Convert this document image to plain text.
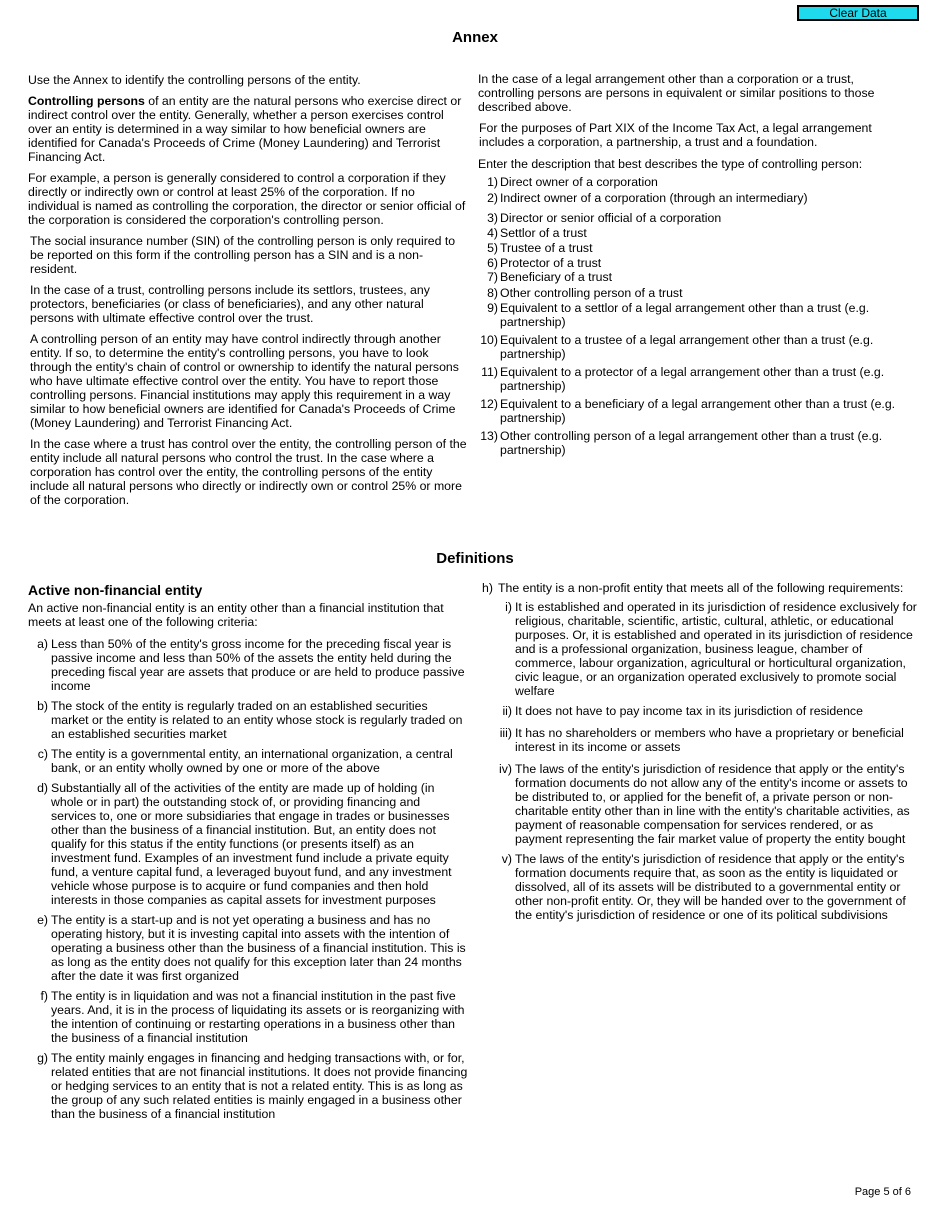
Clear Data
Annex

Use the Annex to identify the controlling persons of the entity.

Controlling persons of an entity are the natural persons who exercise direct or indirect control over the entity. Generally, whether a person exercises control over an entity is determined in a way similar to how beneficial owners are identified for Canada's Proceeds of Crime (Money Laundering) and Terrorist Financing Act.

For example, a person is generally considered to control a corporation if they directly or indirectly own or control at least 25% of the corporation. If no individual is named as controlling the corporation, the director or senior official of the corporation is considered the corporation's controlling person.

The social insurance number (SIN) of the controlling person is only required to be reported on this form if the controlling person has a SIN and is a non-resident.

In the case of a trust, controlling persons include its settlors, trustees, any protectors, beneficiaries (or class of beneficiaries), and any other natural persons with ultimate effective control over the trust.

A controlling person of an entity may have control indirectly through another entity. If so, to determine the entity's controlling persons, you have to look through the entity's chain of control or ownership to identify the natural persons who have ultimate effective control over the entity. You have to report those controlling persons. Financial institutions may apply this requirement in a way similar to how beneficial owners are identified for Canada's Proceeds of Crime (Money Laundering) and Terrorist Financing Act.

In the case where a trust has control over the entity, the controlling person of the entity include all natural persons who control the trust. In the case where a corporation has control over the entity, the controlling persons of the entity include all natural persons who directly or indirectly own or control 25% or more of the corporation.

In the case of a legal arrangement other than a corporation or a trust, controlling persons are persons in equivalent or similar positions to those described above.

For the purposes of Part XIX of the Income Tax Act, a legal arrangement includes a corporation, a partnership, a trust and a foundation.

Enter the description that best describes the type of controlling person:

1) Direct owner of a corporation
2) Indirect owner of a corporation (through an intermediary)
3) Director or senior official of a corporation
4) Settlor of a trust
5) Trustee of a trust
6) Protector of a trust
7) Beneficiary of a trust
8) Other controlling person of a trust
9) Equivalent to a settlor of a legal arrangement other than a trust (e.g. partnership)
10) Equivalent to a trustee of a legal arrangement other than a trust (e.g. partnership)
11) Equivalent to a protector of a legal arrangement other than a trust (e.g. partnership)
12) Equivalent to a beneficiary of a legal arrangement other than a trust (e.g. partnership)
13) Other controlling person of a legal arrangement other than a trust (e.g. partnership)
Definitions
Active non-financial entity

An active non-financial entity is an entity other than a financial institution that meets at least one of the following criteria:

a) Less than 50% of the entity's gross income for the preceding fiscal year is passive income and less than 50% of the assets the entity held during the preceding fiscal year are assets that produce or are held to produce passive income
b) The stock of the entity is regularly traded on an established securities market or the entity is related to an entity whose stock is regularly traded on an established securities market
c) The entity is a governmental entity, an international organization, a central bank, or an entity wholly owned by one or more of the above
d) Substantially all of the activities of the entity are made up of holding (in whole or in part) the outstanding stock of, or providing financing and services to, one or more subsidiaries that engage in trades or businesses other than the business of a financial institution. But, an entity does not qualify for this status if the entity functions (or presents itself) as an investment fund. Examples of an investment fund include a private equity fund, a venture capital fund, a leveraged buyout fund, and any investment vehicle whose purpose is to acquire or fund companies and then hold interests in those companies as capital assets for investment purposes
e) The entity is a start-up and is not yet operating a business and has no operating history, but it is investing capital into assets with the intention of operating a business other than the business of a financial institution. This is as long as the entity does not qualify for this exception later than 24 months after the date it was first organized
f) The entity is in liquidation and was not a financial institution in the past five years. And, it is in the process of liquidating its assets or is reorganizing with the intention of continuing or restarting operations in a business other than the business of a financial institution
g) The entity mainly engages in financing and hedging transactions with, or for, related entities that are not financial institutions. It does not provide financing or hedging services to an entity that is not a related entity. This is as long as the group of any such related entities is mainly engaged in a business other than the business of a financial institution
h) The entity is a non-profit entity that meets all of the following requirements:
i) It is established and operated in its jurisdiction of residence exclusively for religious, charitable, scientific, artistic, cultural, athletic, or educational purposes. Or, it is established and operated in its jurisdiction of residence and is a professional organization, business league, chamber of commerce, labour organization, agricultural or horticultural organization, civic league, or an organization operated exclusively to promote social welfare
ii) It does not have to pay income tax in its jurisdiction of residence
iii) It has no shareholders or members who have a proprietary or beneficial interest in its income or assets
iv) The laws of the entity's jurisdiction of residence that apply or the entity's formation documents do not allow any of the entity's income or assets to be distributed to, or applied for the benefit of, a private person or non-charitable entity other than in line with the entity's charitable activities, as payment of reasonable compensation for services rendered, or as payment representing the fair market value of property the entity bought
v) The laws of the entity's jurisdiction of residence that apply or the entity's formation documents require that, as soon as the entity is liquidated or dissolved, all of its assets will be distributed to a governmental entity or other non-profit entity. Or, they will be handed over to the government of the entity's jurisdiction of residence or one of its political subdivisions
Page 5 of 6
